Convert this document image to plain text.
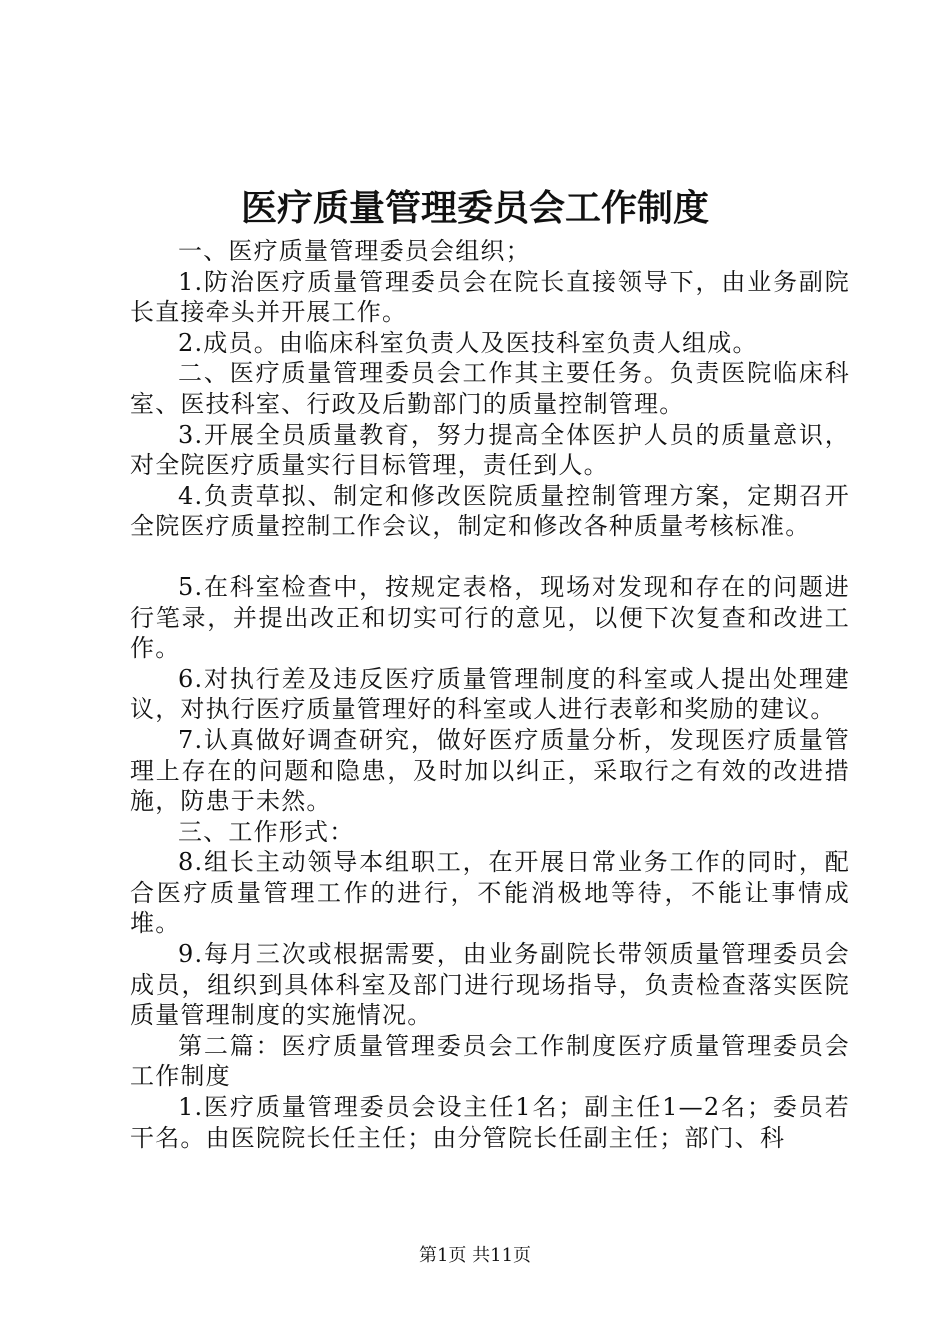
医疗质量管理委员会工作制度

一、医疗质量管理委员会组织；

1.防治医疗质量管理委员会在院长直接领导下，由业务副院长直接牵头并开展工作。

2.成员。由临床科室负责人及医技科室负责人组成。

二、医疗质量管理委员会工作其主要任务。负责医院临床科室、医技科室、行政及后勤部门的质量控制管理。

3.开展全员质量教育，努力提高全体医护人员的质量意识，对全院医疗质量实行目标管理，责任到人。

4.负责草拟、制定和修改医院质量控制管理方案，定期召开全院医疗质量控制工作会议，制定和修改各种质量考核标准。

5.在科室检查中，按规定表格，现场对发现和存在的问题进行笔录，并提出改正和切实可行的意见，以便下次复查和改进工作。

6.对执行差及违反医疗质量管理制度的科室或人提出处理建议，对执行医疗质量管理好的科室或人进行表彰和奖励的建议。

7.认真做好调查研究，做好医疗质量分析，发现医疗质量管理上存在的问题和隐患，及时加以纠正，采取行之有效的改进措施，防患于未然。

三、工作形式：

8.组长主动领导本组职工，在开展日常业务工作的同时，配合医疗质量管理工作的进行，不能消极地等待，不能让事情成堆。

9.每月三次或根据需要，由业务副院长带领质量管理委员会成员，组织到具体科室及部门进行现场指导，负责检查落实医院质量管理制度的实施情况。

第二篇：医疗质量管理委员会工作制度医疗质量管理委员会工作制度

1.医疗质量管理委员会设主任1名；副主任1—2名；委员若干名。由医院院长任主任；由分管院长任副主任；部门、科

第1页 共11页
